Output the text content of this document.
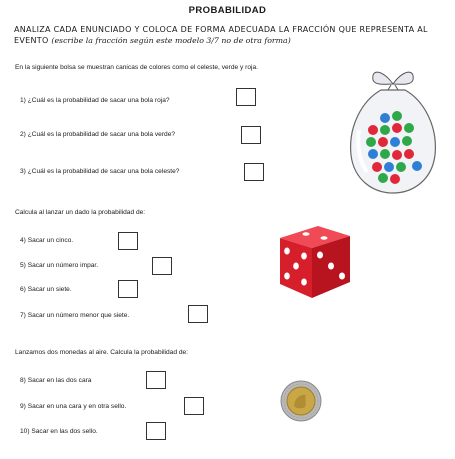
PROBABILIDAD
ANALIZA CADA ENUNCIADO Y COLOCA DE FORMA ADECUADA LA FRACCIÓN QUE REPRESENTA AL EVENTO (escribe la fracción según este modelo 3/7 no de otra forma)
En la siguiente bolsa se muestran canicas de colores como el celeste, verde y roja.
1) ¿Cuál es la probabilidad de sacar una bola roja?
2) ¿Cuál es la probabilidad de sacar una bola verde?
3) ¿Cuál es la probabilidad de sacar una bola celeste?
Calcula al lanzar un dado la probabilidad de:
4) Sacar un cinco.
5) Sacar un número impar.
6) Sacar un siete.
7) Sacar un número menor que siete.
Lanzamos dos monedas al aire. Calcula la probabilidad de:
8) Sacar en las dos cara
9) Sacar en una cara y en otra sello.
10) Sacar en las dos sello.
